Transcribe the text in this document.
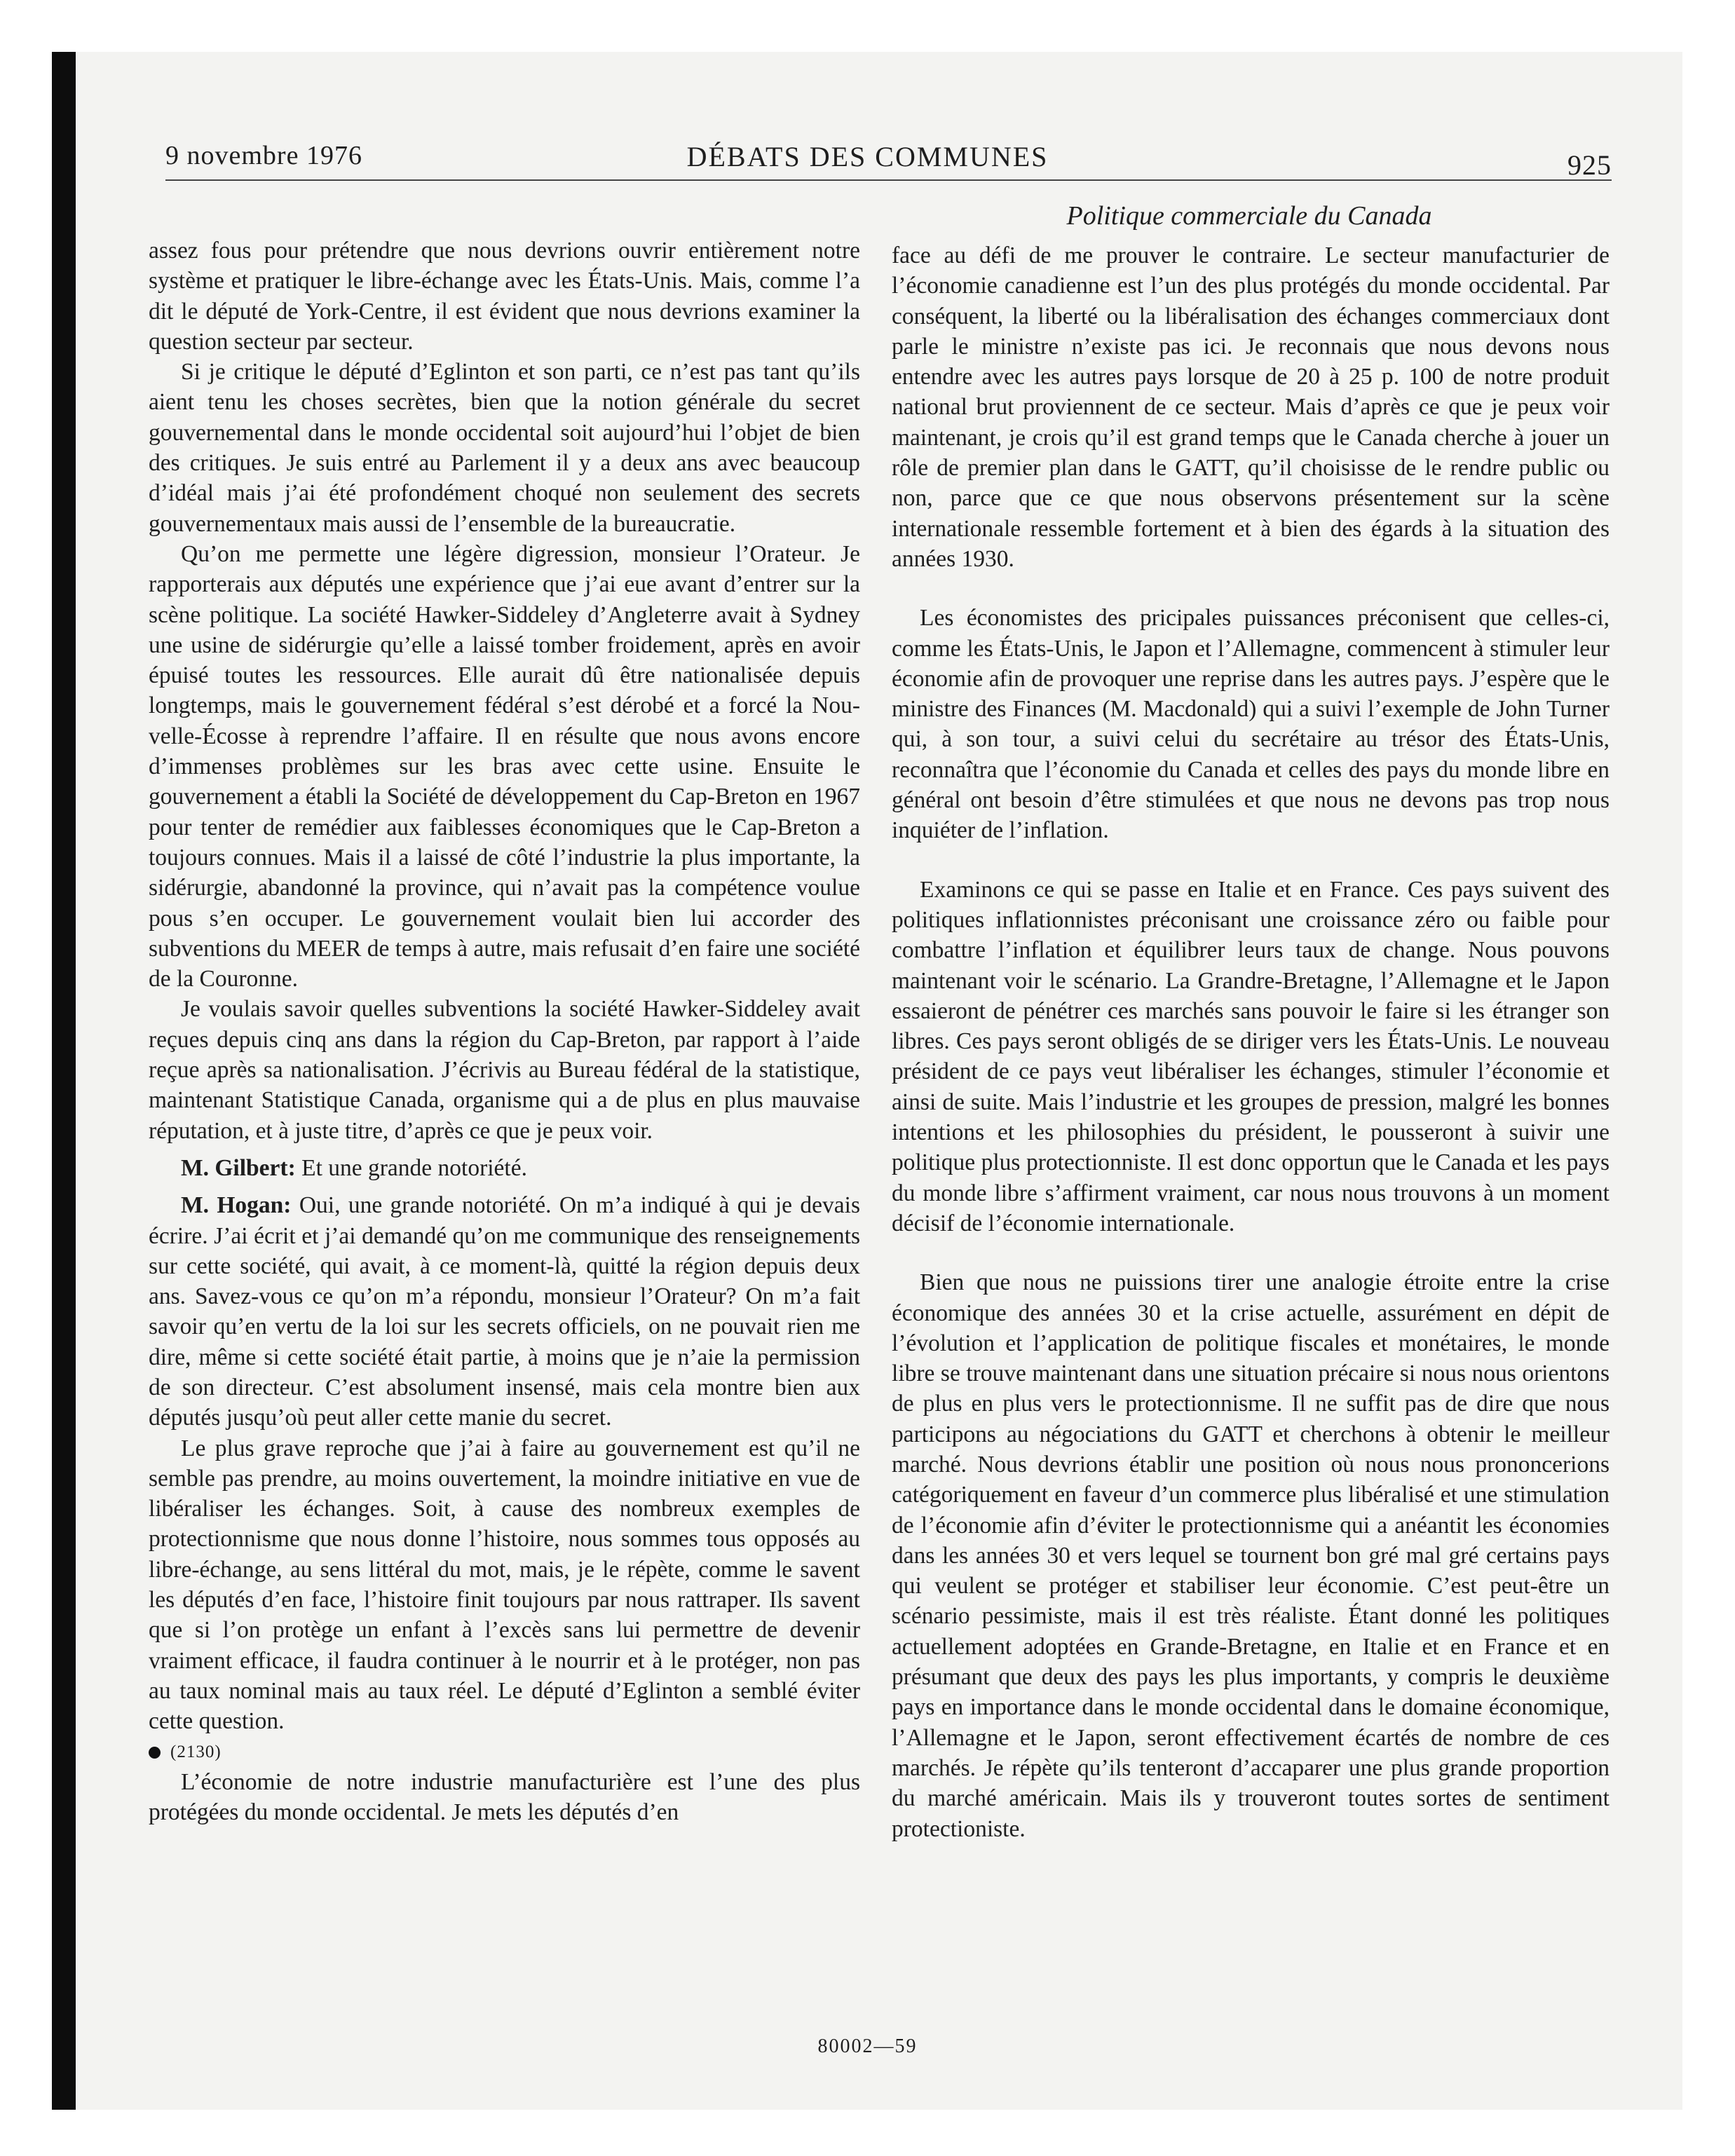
DÉBATS DES COMMUNES
9 novembre 1976	925
Politique commerciale du Canada

assez fous pour prétendre que nous devrions ouvrir entièrement notre système et pratiquer le libre-échange avec les États-Unis. Mais, comme l’a dit le député de York-Centre, il est évident que nous devrions examiner la question secteur par secteur.

Si je critique le député d’Eglinton et son parti, ce n’est pas tant qu’ils aient tenu les choses secrètes, bien que la notion générale du secret gouvernemental dans le monde occidental soit aujourd’hui l’objet de bien des critiques. Je suis entré au Parlement il y a deux ans avec beaucoup d’idéal mais j’ai été profondément choqué non seulement des secrets gouvernementaux mais aussi de l’ensemble de la bureaucratie.

Qu’on me permette une légère digression, monsieur l’Orateur. Je rapporterais aux députés une expérience que j’ai eue avant d’entrer sur la scène politique. La société Hawker-Siddeley d’Angleterre avait à Sydney une usine de sidérurgie qu’elle a laissé tomber froidement, après en avoir épuisé toutes les ressources. Elle aurait dû être nationalisée depuis longtemps, mais le gouvernement fédéral s’est dérobé et a forcé la Nouvelle-Écosse à reprendre l’affaire. Il en résulte que nous avons encore d’immenses problèmes sur les bras avec cette usine. Ensuite le gouvernement a établi la Société de développement du Cap-Breton en 1967 pour tenter de remédier aux faiblesses économiques que le Cap-Breton a toujours connues. Mais il a laissé de côté l’industrie la plus importante, la sidérurgie, abandonné la province, qui n’avait pas la compétence voulue pous s’en occuper. Le gouvernement voulait bien lui accorder des subventions du MEER de temps à autre, mais refusait d’en faire une société de la Couronne.

Je voulais savoir quelles subventions la société Hawker-Siddeley avait reçues depuis cinq ans dans la région du Cap-Breton, par rapport à l’aide reçue après sa nationalisation. J’écrivis au Bureau fédéral de la statistique, maintenant Statistique Canada, organisme qui a de plus en plus mauvaise réputation, et à juste titre, d’après ce que je peux voir.

M. Gilbert: Et une grande notoriété.

M. Hogan: Oui, une grande notoriété. On m’a indiqué à qui je devais écrire. J’ai écrit et j’ai demandé qu’on me communique des renseignements sur cette société, qui avait, à ce moment-là, quitté la région depuis deux ans. Savez-vous ce qu’on m’a répondu, monsieur l’Orateur? On m’a fait savoir qu’en vertu de la loi sur les secrets officiels, on ne pouvait rien me dire, même si cette société était partie, à moins que je n’aie la permission de son directeur. C’est absolument insensé, mais cela montre bien aux députés jusqu’où peut aller cette manie du secret.

Le plus grave reproche que j’ai à faire au gouvernement est qu’il ne semble pas prendre, au moins ouvertement, la moindre initiative en vue de libéraliser les échanges. Soit, à cause des nombreux exemples de protectionnisme que nous donne l’histoire, nous sommes tous opposés au libre-échange, au sens littéral du mot, mais, je le répète, comme le savent les députés d’en face, l’histoire finit toujours par nous rattraper. Ils savent que si l’on protège un enfant à l’excès sans lui permettre de devenir vraiment efficace, il faudra continuer à le nourrir et à le protéger, non pas au taux nominal mais au taux réel. Le député d’Eglinton a semblé éviter cette question.

(2130)

L’économie de notre industrie manufacturière est l’une des plus protégées du monde occidental. Je mets les députés d’en

face au défi de me prouver le contraire. Le secteur manufacturier de l’économie canadienne est l’un des plus protégés du monde occidental. Par conséquent, la liberté ou la libéralisation des échanges commerciaux dont parle le ministre n’existe pas ici. Je reconnais que nous devons nous entendre avec les autres pays lorsque de 20 à 25 p. 100 de notre produit national brut proviennent de ce secteur. Mais d’après ce que je peux voir maintenant, je crois qu’il est grand temps que le Canada cherche à jouer un rôle de premier plan dans le GATT, qu’il choisisse de le rendre public ou non, parce que ce que nous observons présentement sur la scène internationale ressemble fortement et à bien des égards à la situation des années 1930.

Les économistes des pricipales puissances préconisent que celles-ci, comme les États-Unis, le Japon et l’Allemagne, commencent à stimuler leur économie afin de provoquer une reprise dans les autres pays. J’espère que le ministre des Finances (M. Macdonald) qui a suivi l’exemple de John Turner qui, à son tour, a suivi celui du secrétaire au trésor des États-Unis, reconnaîtra que l’économie du Canada et celles des pays du monde libre en général ont besoin d’être stimulées et que nous ne devons pas trop nous inquiéter de l’inflation.

Examinons ce qui se passe en Italie et en France. Ces pays suivent des politiques inflationnistes préconisant une croissance zéro ou faible pour combattre l’inflation et équilibrer leurs taux de change. Nous pouvons maintenant voir le scénario. La Grandre-Bretagne, l’Allemagne et le Japon essaieront de pénétrer ces marchés sans pouvoir le faire si les étranger son libres. Ces pays seront obligés de se diriger vers les États-Unis. Le nouveau président de ce pays veut libéraliser les échanges, stimuler l’économie et ainsi de suite. Mais l’industrie et les groupes de pression, malgré les bonnes intentions et les philosophies du président, le pousseront à suivir une politique plus protectionniste. Il est donc opportun que le Canada et les pays du monde libre s’affirment vraiment, car nous nous trouvons à un moment décisif de l’économie internationale.

Bien que nous ne puissions tirer une analogie étroite entre la crise économique des années 30 et la crise actuelle, assurément en dépit de l’évolution et l’application de politique fiscales et monétaires, le monde libre se trouve maintenant dans une situation précaire si nous nous orientons de plus en plus vers le protectionnisme. Il ne suffit pas de dire que nous participons au négociations du GATT et cherchons à obtenir le meilleur marché. Nous devrions établir une position où nous nous prononcerions catégoriquement en faveur d’un commerce plus libéralisé et une stimulation de l’économie afin d’éviter le protectionnisme qui a anéantit les économies dans les années 30 et vers lequel se tournent bon gré mal gré certains pays qui veulent se protéger et stabiliser leur économie. C’est peut-être un scénario pessimiste, mais il est très réaliste. Étant donné les politiques actuellement adoptées en Grande-Bretagne, en Italie et en France et en présumant que deux des pays les plus importants, y compris le deuxième pays en importance dans le monde occidental dans le domaine économique, l’Allemagne et le Japon, seront effectivement écartés de nombre de ces marchés. Je répète qu’ils tenteront d’accaparer une plus grande proportion du marché américain. Mais ils y trouveront toutes sortes de sentiment protectioniste.

80002—59
